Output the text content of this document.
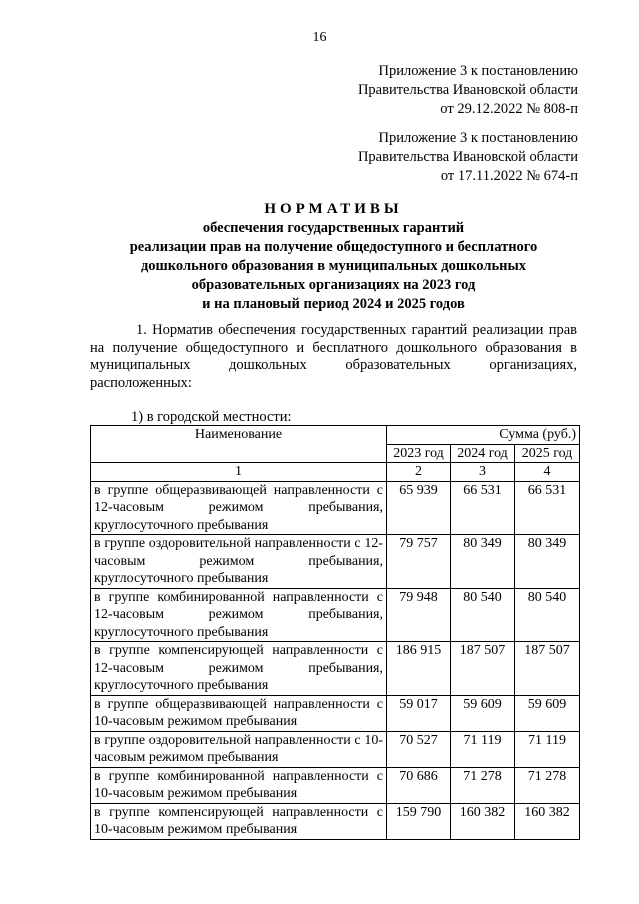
16
Приложение 3 к постановлению
Правительства Ивановской области
от 29.12.2022 № 808-п
Приложение 3 к постановлению
Правительства Ивановской области
от 17.11.2022 № 674-п
НОРМАТИВЫ
обеспечения государственных гарантий
реализации прав на получение общедоступного и бесплатного
дошкольного образования в муниципальных дошкольных
образовательных организациях на 2023 год
и на плановый период 2024 и 2025 годов

1. Норматив обеспечения государственных гарантий реализации прав на получение общедоступного и бесплатного дошкольного образования в муниципальных дошкольных образовательных организациях, расположенных:

1) в городской местности:
Наименование	Сумма (руб.)		
	2023 год	2024 год	2025 год
1	2	3	4
в группе общеразвивающей направленности с 12-часовым режимом пребывания, круглосуточного пребывания	65 939	66 531	66 531
в группе оздоровительной направленности с 12-часовым режимом пребывания, круглосуточного пребывания	79 757	80 349	80 349
в группе комбинированной направленности с 12-часовым режимом пребывания, круглосуточного пребывания	79 948	80 540	80 540
в группе компенсирующей направленности с 12-часовым режимом пребывания, круглосуточного пребывания	186 915	187 507	187 507
в группе общеразвивающей направленности с 10-часовым режимом пребывания	59 017	59 609	59 609
в группе оздоровительной направленности с 10-часовым режимом пребывания	70 527	71 119	71 119
в группе комбинированной направленности с 10-часовым режимом пребывания	70 686	71 278	71 278
в группе компенсирующей направленности с 10-часовым режимом пребывания	159 790	160 382	160 382
